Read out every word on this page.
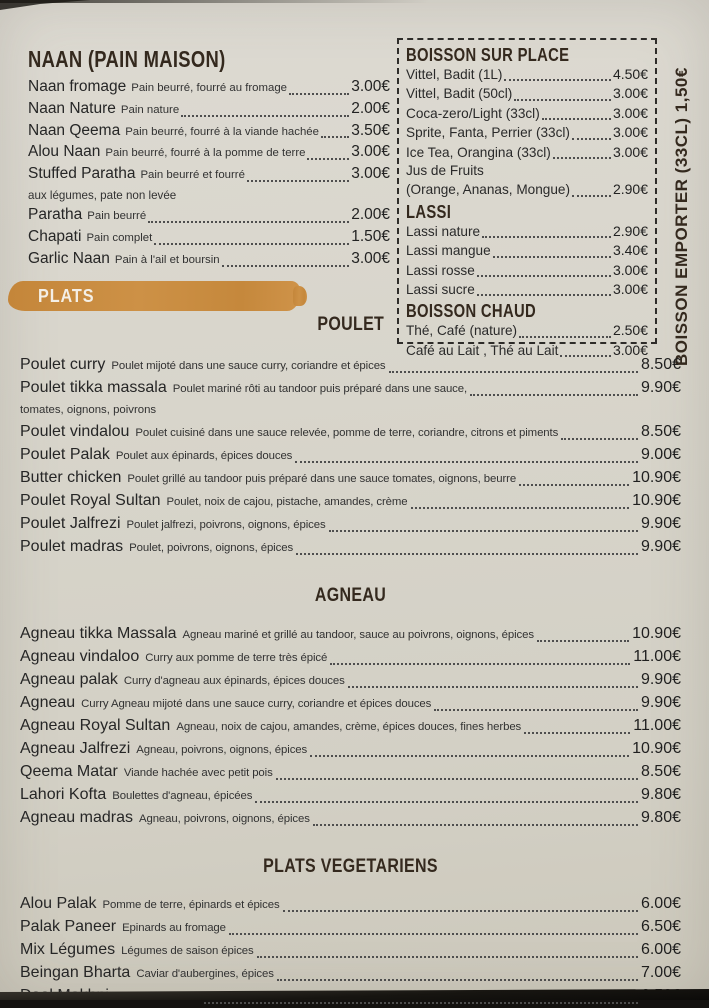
NAAN (PAIN MAISON)
Naan fromage Pain beurré, fourré au fromage	3.00€
Naan Nature Pain nature	2.00€
Naan Qeema Pain beurré, fourré à la viande hachée 3.50€
Alou Naan Pain beurré, fourré à la pomme de terre	3.00€
Stuffed Paratha Pain beurré et fourré	3.00€
aux légumes, pate non levée
Paratha Pain beurré	2.00€
Chapati Pain complet	1.50€
Garlic Naan Pain à l'ail et boursin	3.00€
BOISSON SUR PLACE
Vittel, Badit (1L)	4.50€
Vittel, Badit (50cl)	3.00€
Coca-zero/Light (33cl)	3.00€
Sprite, Fanta, Perrier (33cl)	3.00€
Ice Tea, Orangina (33cl)	3.00€
Jus de Fruits
(Orange, Ananas, Mongue)	2.90€
LASSI
Lassi nature	2.90€
Lassi mangue	3.40€
Lassi rosse	3.00€
Lassi sucre	3.00€
BOISSON CHAUD
Thé, Café (nature)	2.50€
Café au Lait , Thé au Lait	3.00€	BOISSON EMPORTER (33CL) 1,50€
PLATS
POULET
Poulet curry Poulet mijoté dans une sauce curry, coriandre et épices	8.50€
Poulet tikka massala Poulet mariné rôti au tandoor puis préparé dans une sauce,	9.90€
tomates, oignons, poivrons
Poulet vindalou Poulet cuisiné dans une sauce relevée, pomme de terre, coriandre, citrons et piments	8.50€
Poulet Palak Poulet aux épinards, épices douces	9.00€
Butter chicken Poulet grillé au tandoor puis préparé dans une sauce tomates, oignons, beurre	10.90€
Poulet Royal Sultan Poulet, noix de cajou, pistache, amandes, crème	10.90€
Poulet Jalfrezi Poulet jalfrezi, poivrons, oignons, épices	9.90€
Poulet madras Poulet, poivrons, oignons, épices	9.90€
AGNEAU
Agneau tikka Massala Agneau mariné et grillé au tandoor, sauce au poivrons, oignons, épices	10.90€
Agneau vindaloo Curry aux pomme de terre très épicé	11.00€
Agneau palak Curry d'agneau aux épinards, épices douces	9.90€
Agneau Curry Agneau mijoté dans une sauce curry, coriandre et épices douces	9.90€
Agneau Royal Sultan Agneau, noix de cajou, amandes, crème, épices douces, fines herbes	11.00€
Agneau Jalfrezi Agneau, poivrons, oignons, épices	10.90€
Qeema Matar Viande hachée avec petit pois	8.50€
Lahori Kofta Boulettes d'agneau, épicées	9.80€
Agneau madras Agneau, poivrons, oignons, épices	9.80€
PLATS VEGETARIENS
Alou Palak Pomme de terre, épinards et épices	6.00€
Palak Paneer Epinards au fromage	6.50€
Mix Légumes Légumes de saison épices	6.00€
Beingan Bharta Caviar d'aubergines, épices	7.00€
